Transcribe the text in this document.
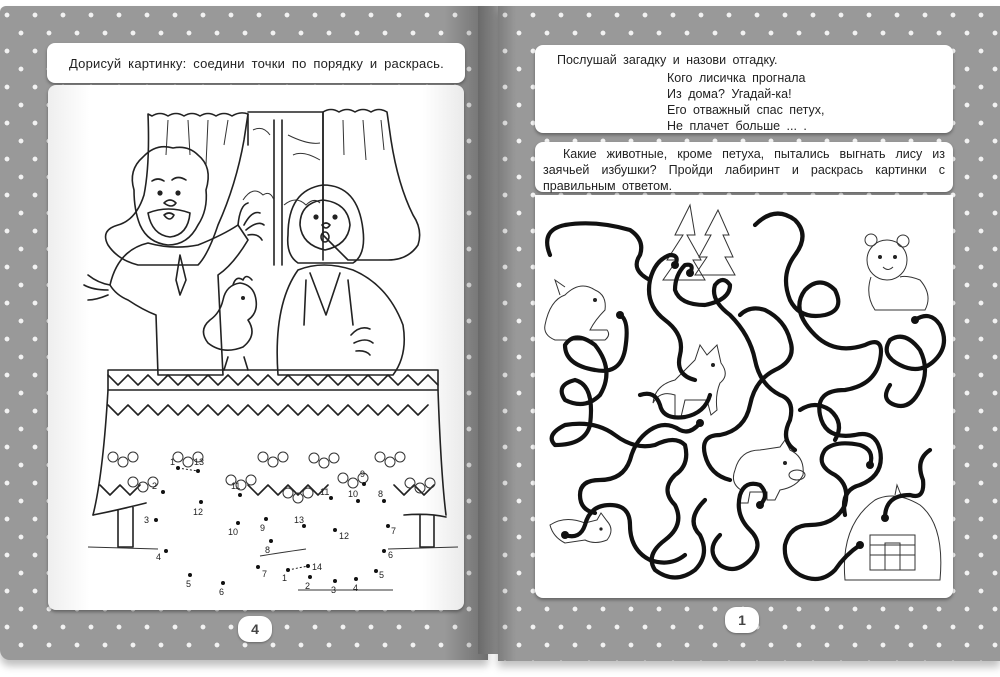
Дорисуй картинку: соедини точки по порядку и раскрась.
1 13
2
12
3
4
5
6
11
10 9
8
7 1
14
2 3 4
5
6
7
8
9
10
11
12
13
4
Послушай загадку и назови отгадку.
Кого лисичка прогнала
Из дома? Угадай-ка!
Его отважный спас петух,
Не плачет больше ... .
Какие животные, кроме петуха, пытались выгнать лису из заячьей избушки? Пройди лабиринт и раскрась картинки с правильным ответом.
1
